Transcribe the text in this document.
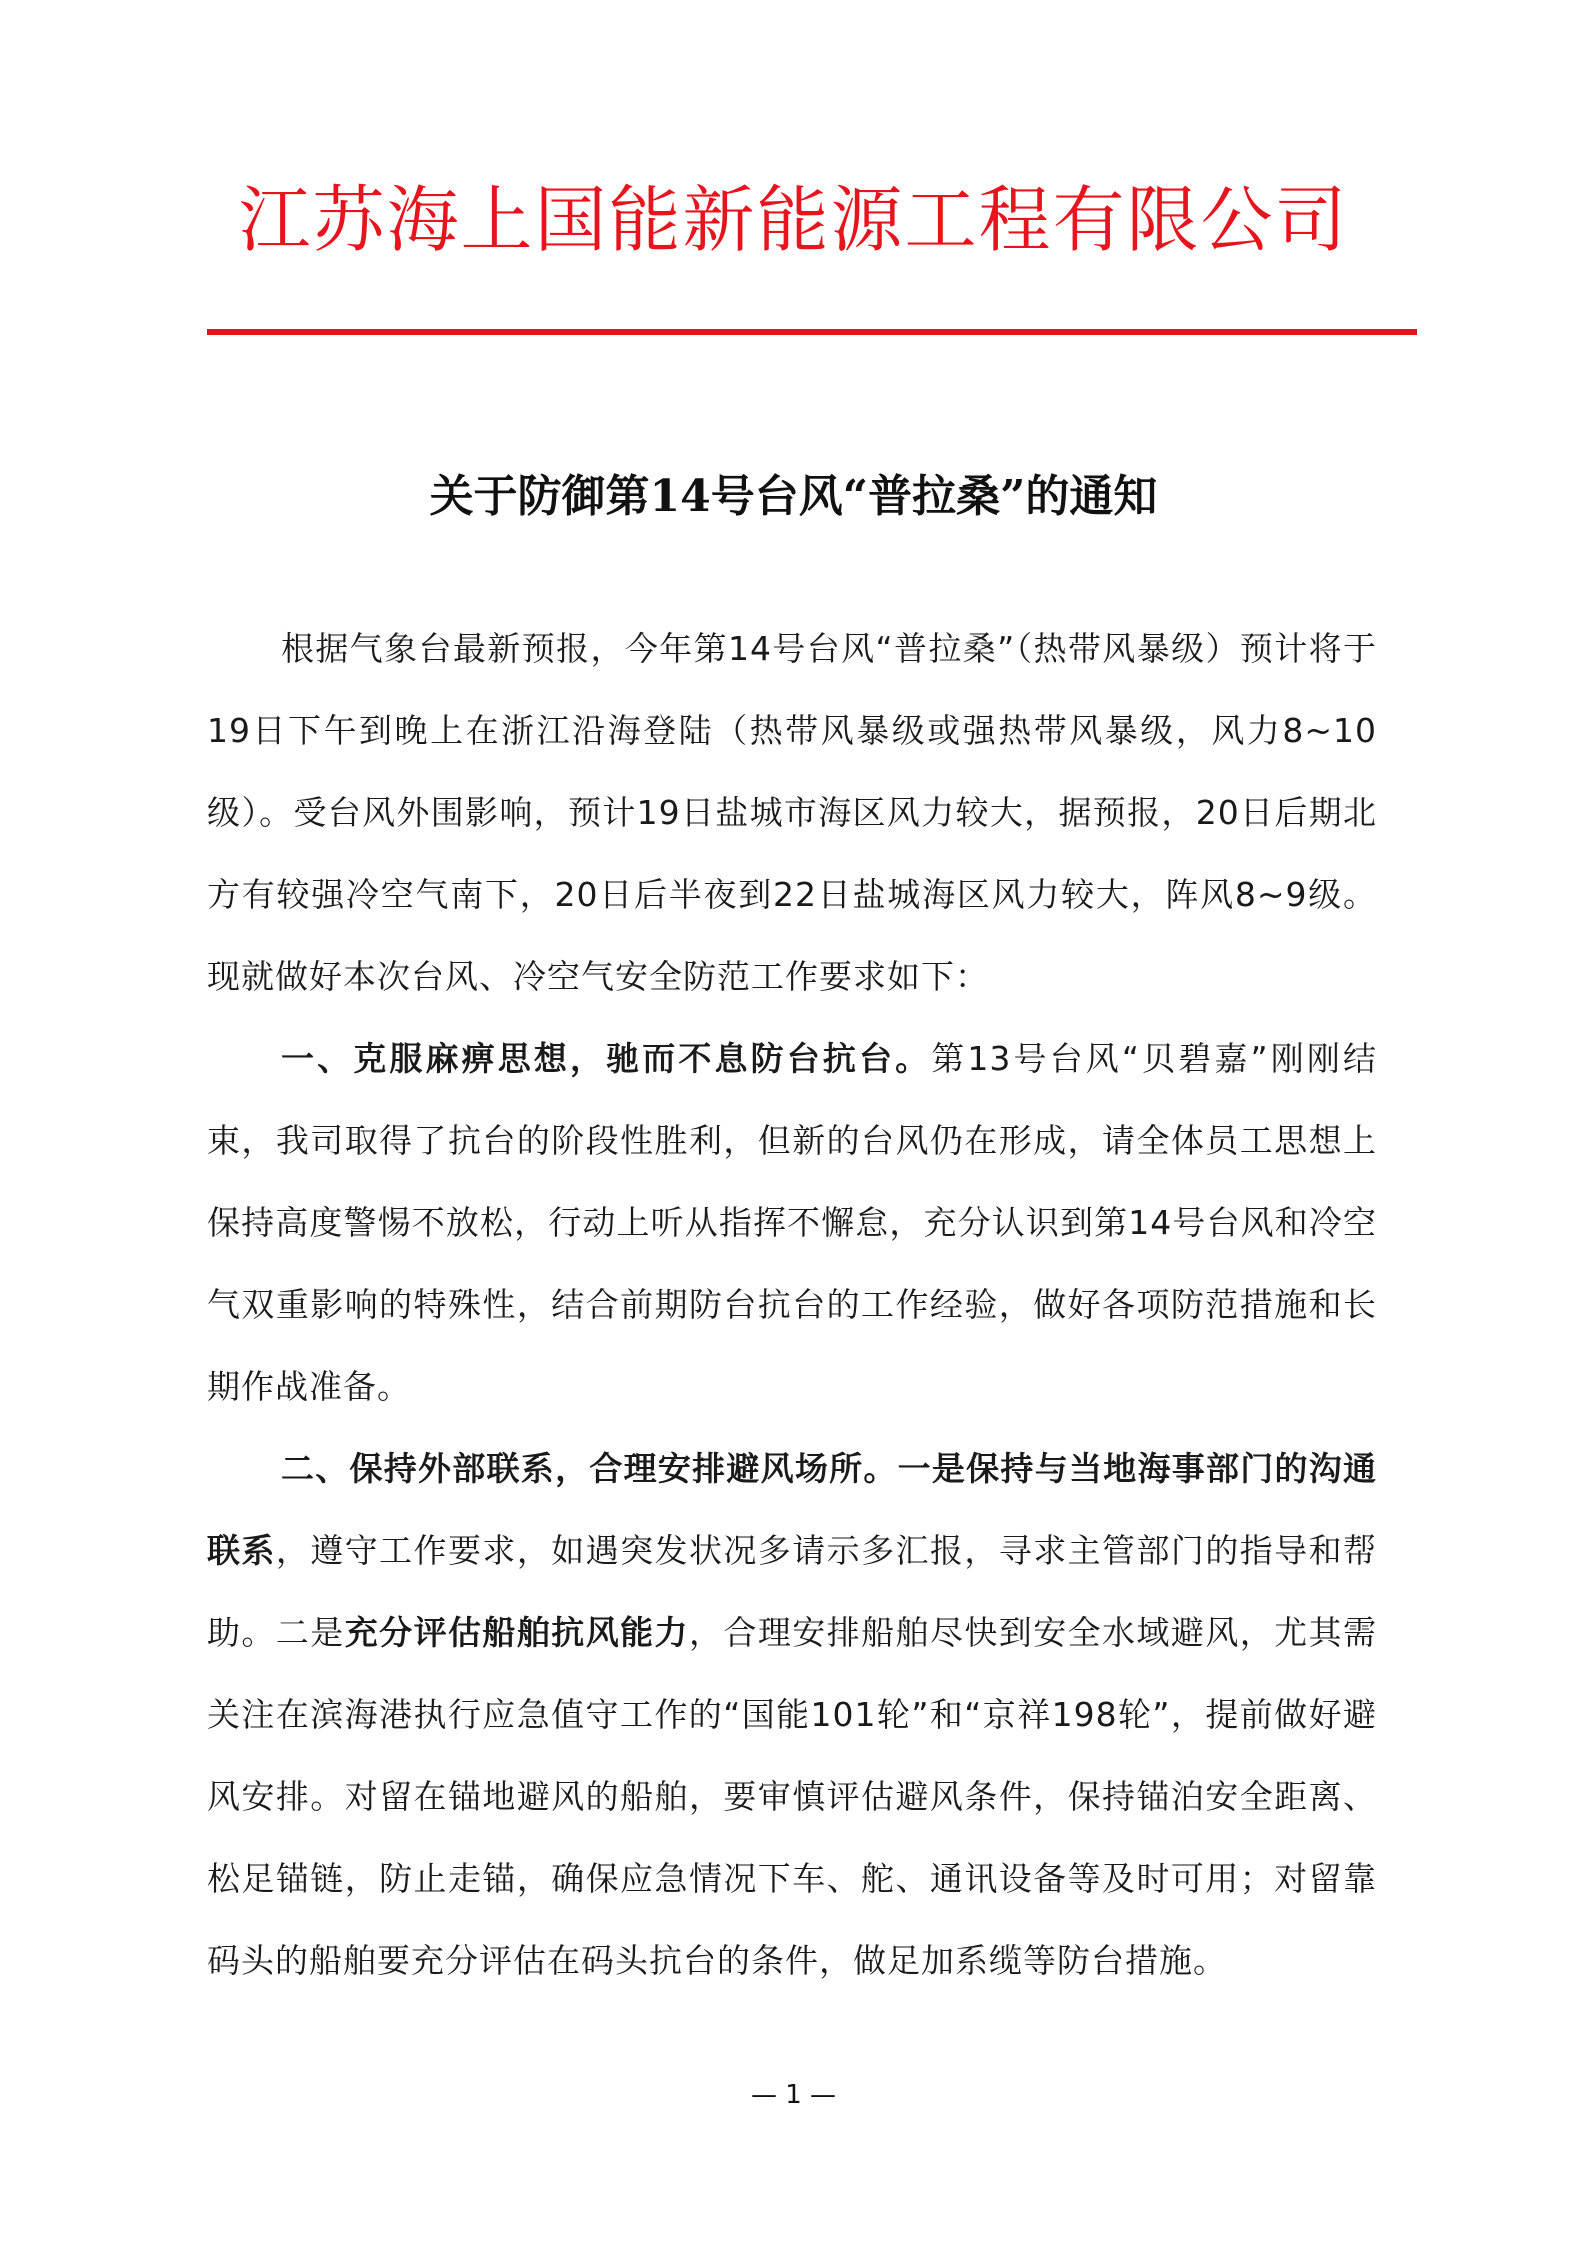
江苏海上国能新能源工程有限公司
关于防御第14号台风“普拉桑”的通知

根据气象台最新预报，今年第14号台风“普拉桑”（热带风暴级）预计将于19日下午到晚上在浙江沿海登陆（热带风暴级或强热带风暴级，风力8~10级）。受台风外围影响，预计19日盐城市海区风力较大，据预报，20日后期北方有较强冷空气南下，20日后半夜到22日盐城海区风力较大，阵风8~9级。现就做好本次台风、冷空气安全防范工作要求如下：

一、克服麻痹思想，驰而不息防台抗台。第13号台风“贝碧嘉”刚刚结束，我司取得了抗台的阶段性胜利，但新的台风仍在形成，请全体员工思想上保持高度警惕不放松，行动上听从指挥不懈怠，充分认识到第14号台风和冷空气双重影响的特殊性，结合前期防台抗台的工作经验，做好各项防范措施和长期作战准备。

二、保持外部联系，合理安排避风场所。一是保持与当地海事部门的沟通联系，遵守工作要求，如遇突发状况多请示多汇报，寻求主管部门的指导和帮助。二是充分评估船舶抗风能力，合理安排船舶尽快到安全水域避风，尤其需关注在滨海港执行应急值守工作的“国能101轮”和“京祥198轮”，提前做好避风安排。对留在锚地避风的船舶，要审慎评估避风条件，保持锚泊安全距离、松足锚链，防止走锚，确保应急情况下车、舵、通讯设备等及时可用；对留靠码头的船舶要充分评估在码头抗台的条件，做足加系缆等防台措施。

— 1 —
